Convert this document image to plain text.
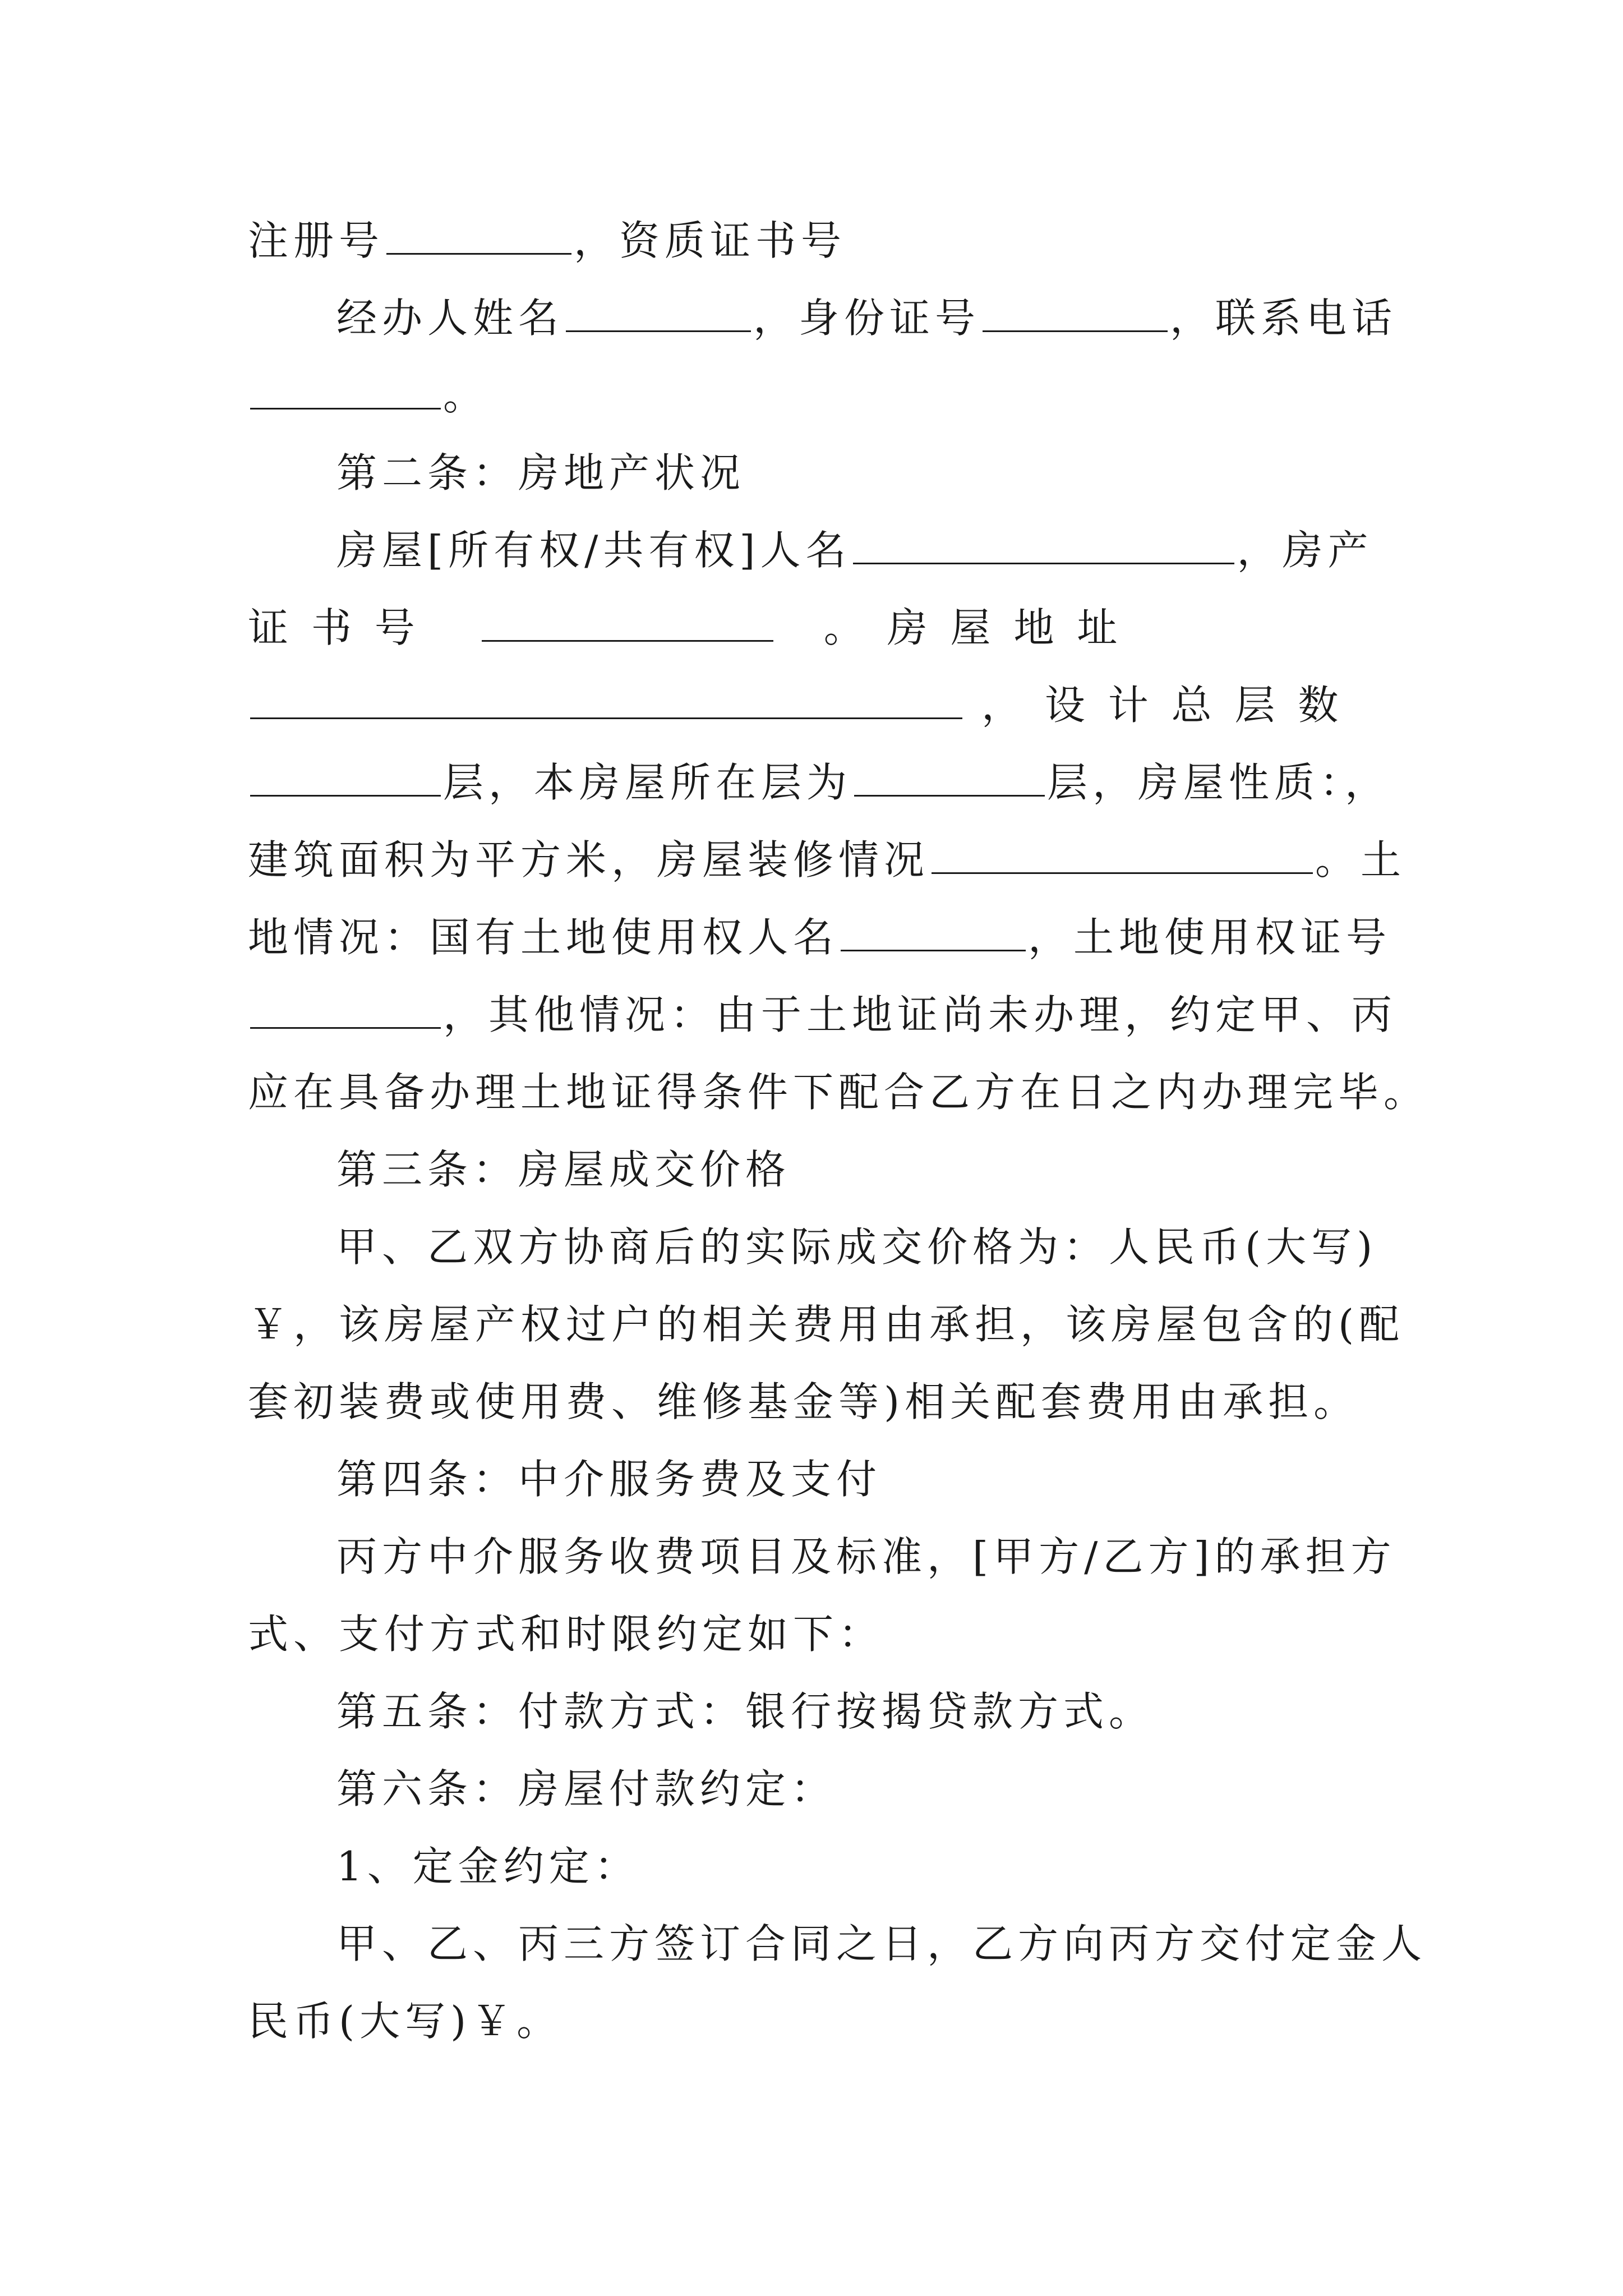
注册号	，资质证书号
经办人姓名	，身份证号	，联系电话
。
第二条：房地产状况
房屋[所有权/共有权]人名	，房产
证 书 号	。 房 屋 地 址
， 设 计 总 层 数
层，本房屋所在层为	层，房屋性质：，
建筑面积为平方米，房屋装修情况	。土
地情况：国有土地使用权人名	，土地使用权证号
，其他情况：由于土地证尚未办理，约定甲、丙
应在具备办理土地证得条件下配合乙方在日之内办理完毕。
第三条：房屋成交价格
甲、乙双方协商后的实际成交价格为：人民币(大写)
￥，该房屋产权过户的相关费用由承担，该房屋包含的(配
套初装费或使用费、维修基金等)相关配套费用由承担。
第四条：中介服务费及支付
丙方中介服务收费项目及标准，[甲方/乙方]的承担方
式、支付方式和时限约定如下：
第五条：付款方式：银行按揭贷款方式。
第六条：房屋付款约定：
1、定金约定：
甲、乙、丙三方签订合同之日，乙方向丙方交付定金人
民币(大写)￥。
